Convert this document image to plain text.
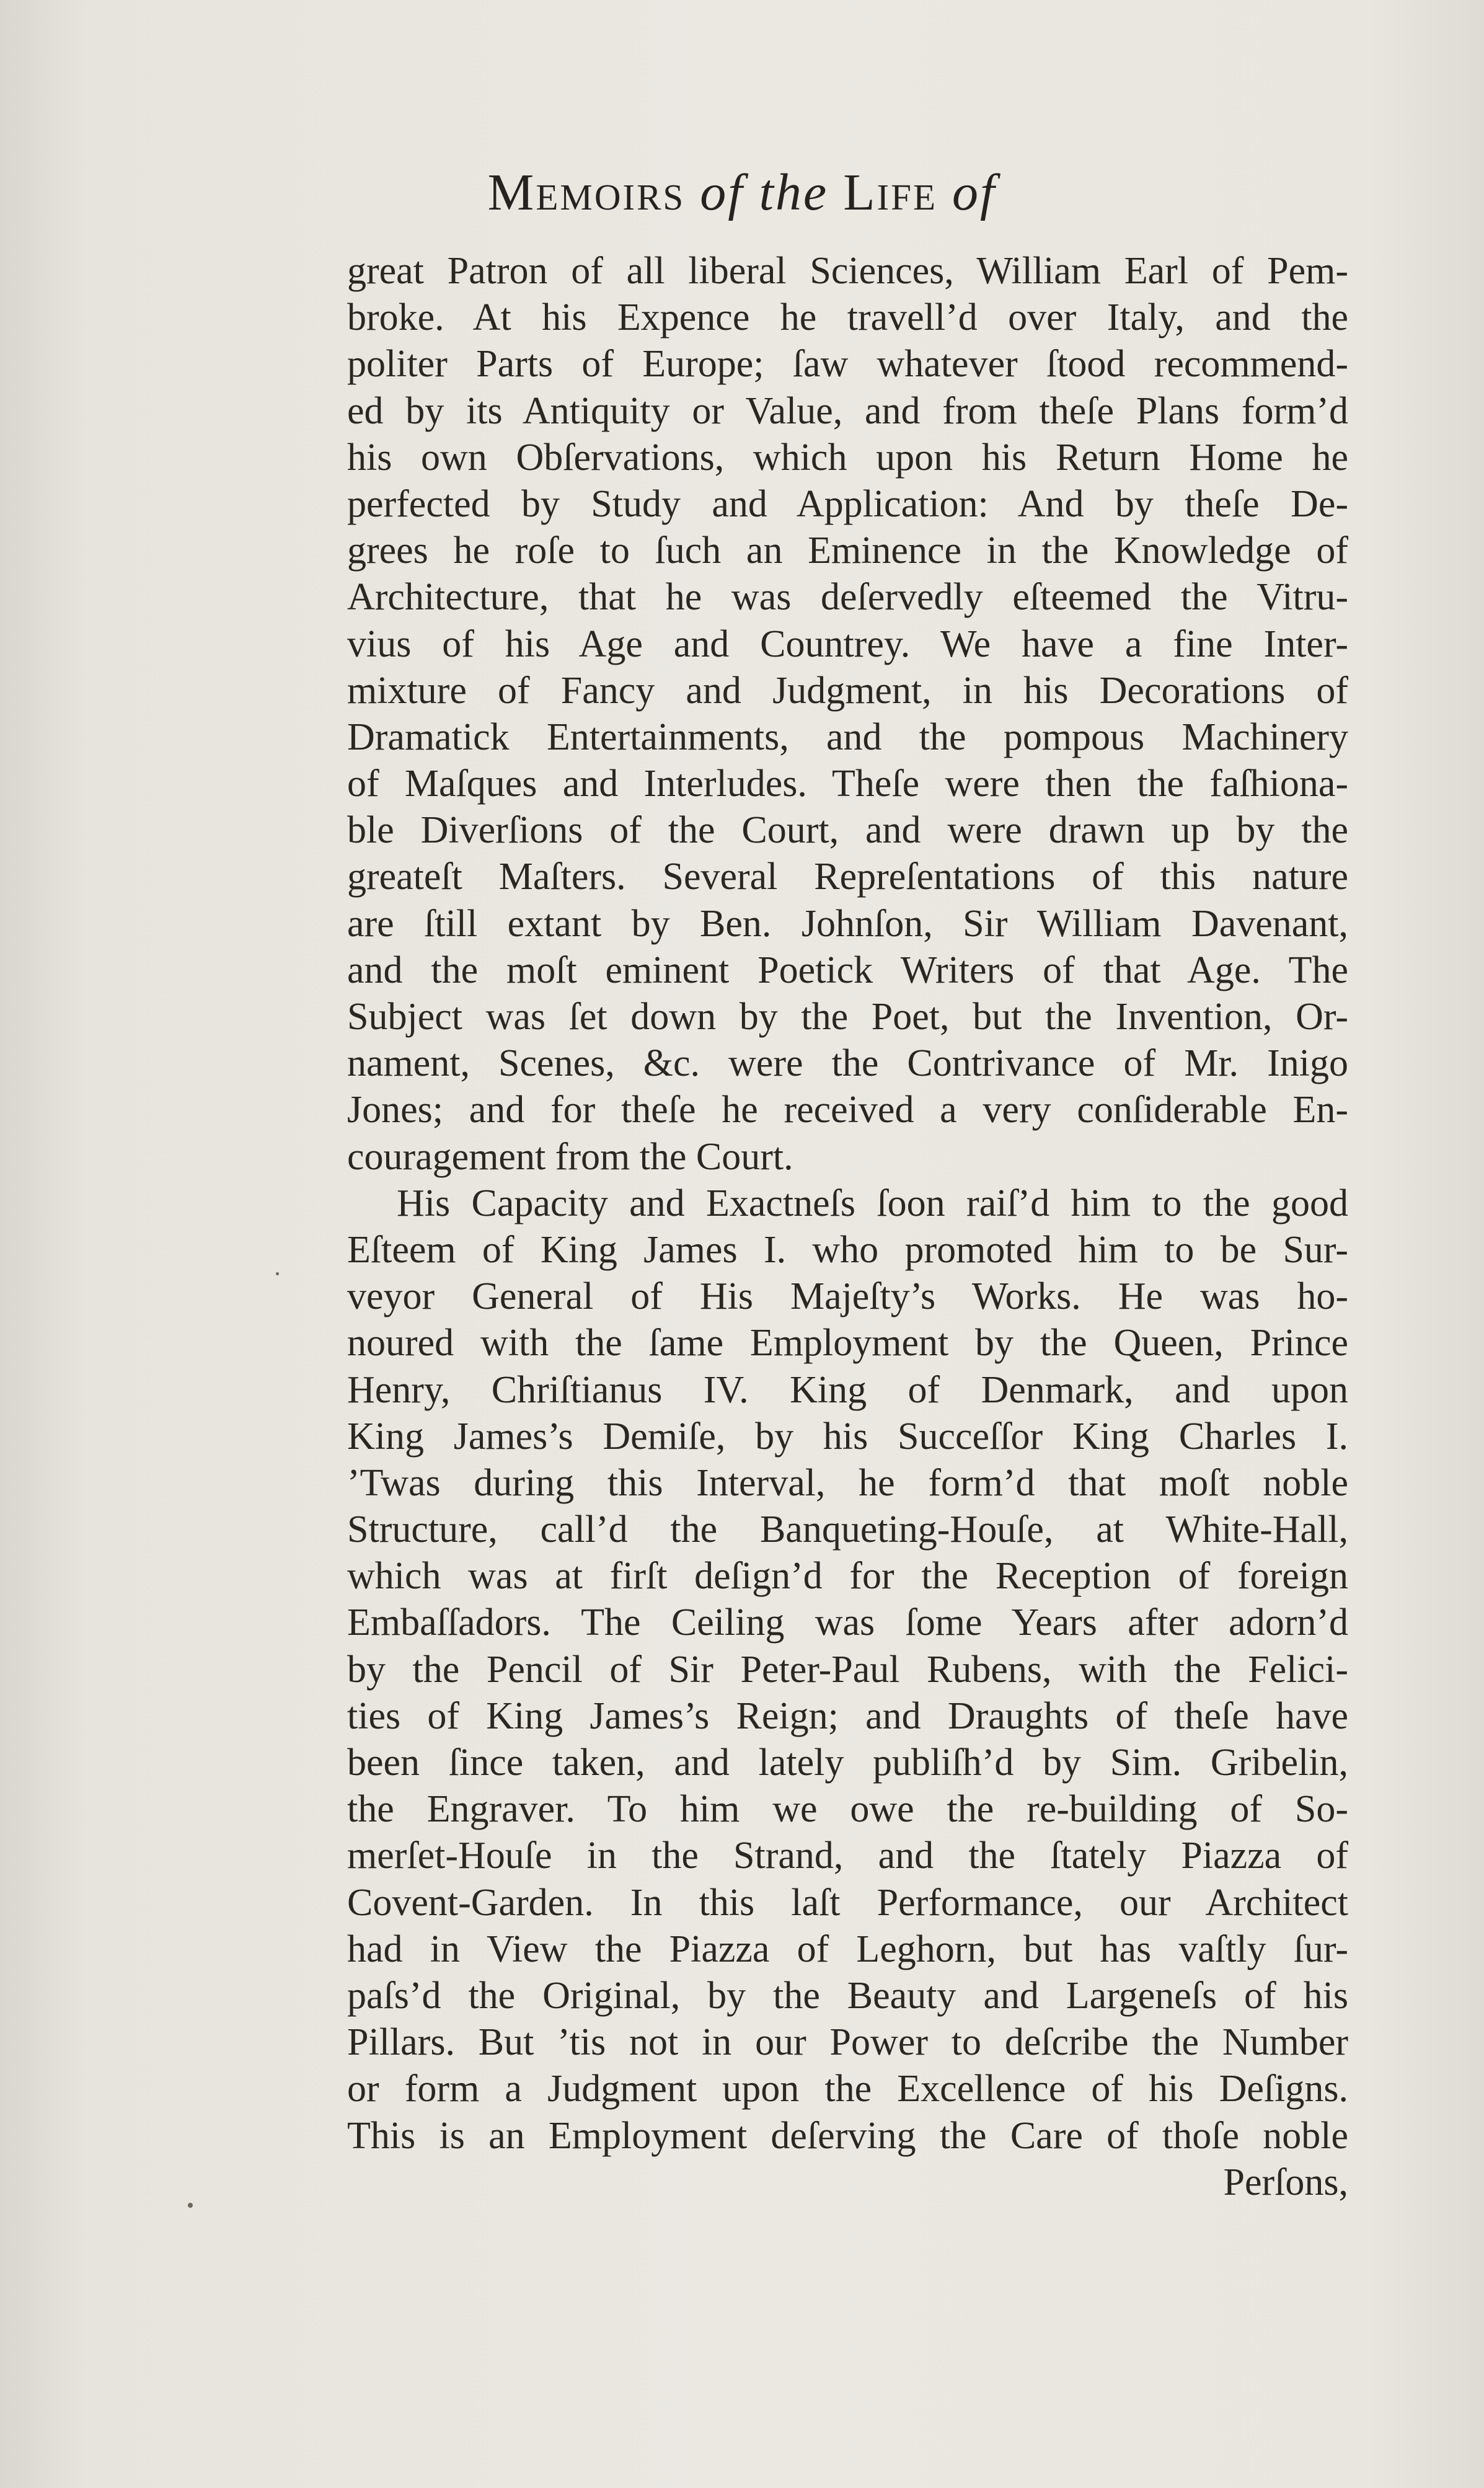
Memoirs of the Life of
great Patron of all liberal Sciences, William Earl of Pem-
broke. At his Expence he travell’d over Italy, and the
politer Parts of Europe; ſaw whatever ſtood recommend-
ed by its Antiquity or Value, and from theſe Plans form’d
his own Obſervations, which upon his Return Home he
perfected by Study and Application: And by theſe De-
grees he roſe to ſuch an Eminence in the Knowledge of
Architecture, that he was deſervedly eſteemed the Vitru-
vius of his Age and Countrey. We have a fine Inter-
mixture of Fancy and Judgment, in his Decorations of
Dramatick Entertainments, and the pompous Machinery
of Maſques and Interludes. Theſe were then the faſhiona-
ble Diverſions of the Court, and were drawn up by the
greateſt Maſters. Several Repreſentations of this nature
are ſtill extant by Ben. Johnſon, Sir William Davenant,
and the moſt eminent Poetick Writers of that Age. The
Subject was ſet down by the Poet, but the Invention, Or-
nament, Scenes, &c. were the Contrivance of Mr. Inigo
Jones; and for theſe he received a very conſiderable En-
couragement from the Court.
His Capacity and Exactneſs ſoon raiſ’d him to the good
Eſteem of King James I. who promoted him to be Sur-
veyor General of His Majeſty’s Works. He was ho-
noured with the ſame Employment by the Queen, Prince
Henry, Chriſtianus IV. King of Denmark, and upon
King James’s Demiſe, by his Succeſſor King Charles I.
’Twas during this Interval, he form’d that moſt noble
Structure, call’d the Banqueting-Houſe, at White-Hall,
which was at firſt deſign’d for the Reception of foreign
Embaſſadors. The Ceiling was ſome Years after adorn’d
by the Pencil of Sir Peter-Paul Rubens, with the Felici-
ties of King James’s Reign; and Draughts of theſe have
been ſince taken, and lately publiſh’d by Sim. Gribelin,
the Engraver. To him we owe the re-building of So-
merſet-Houſe in the Strand, and the ſtately Piazza of
Covent-Garden. In this laſt Performance, our Architect
had in View the Piazza of Leghorn, but has vaſtly ſur-
paſs’d the Original, by the Beauty and Largeneſs of his
Pillars. But ’tis not in our Power to deſcribe the Number
or form a Judgment upon the Excellence of his Deſigns.
This is an Employment deſerving the Care of thoſe noble
Perſons,
